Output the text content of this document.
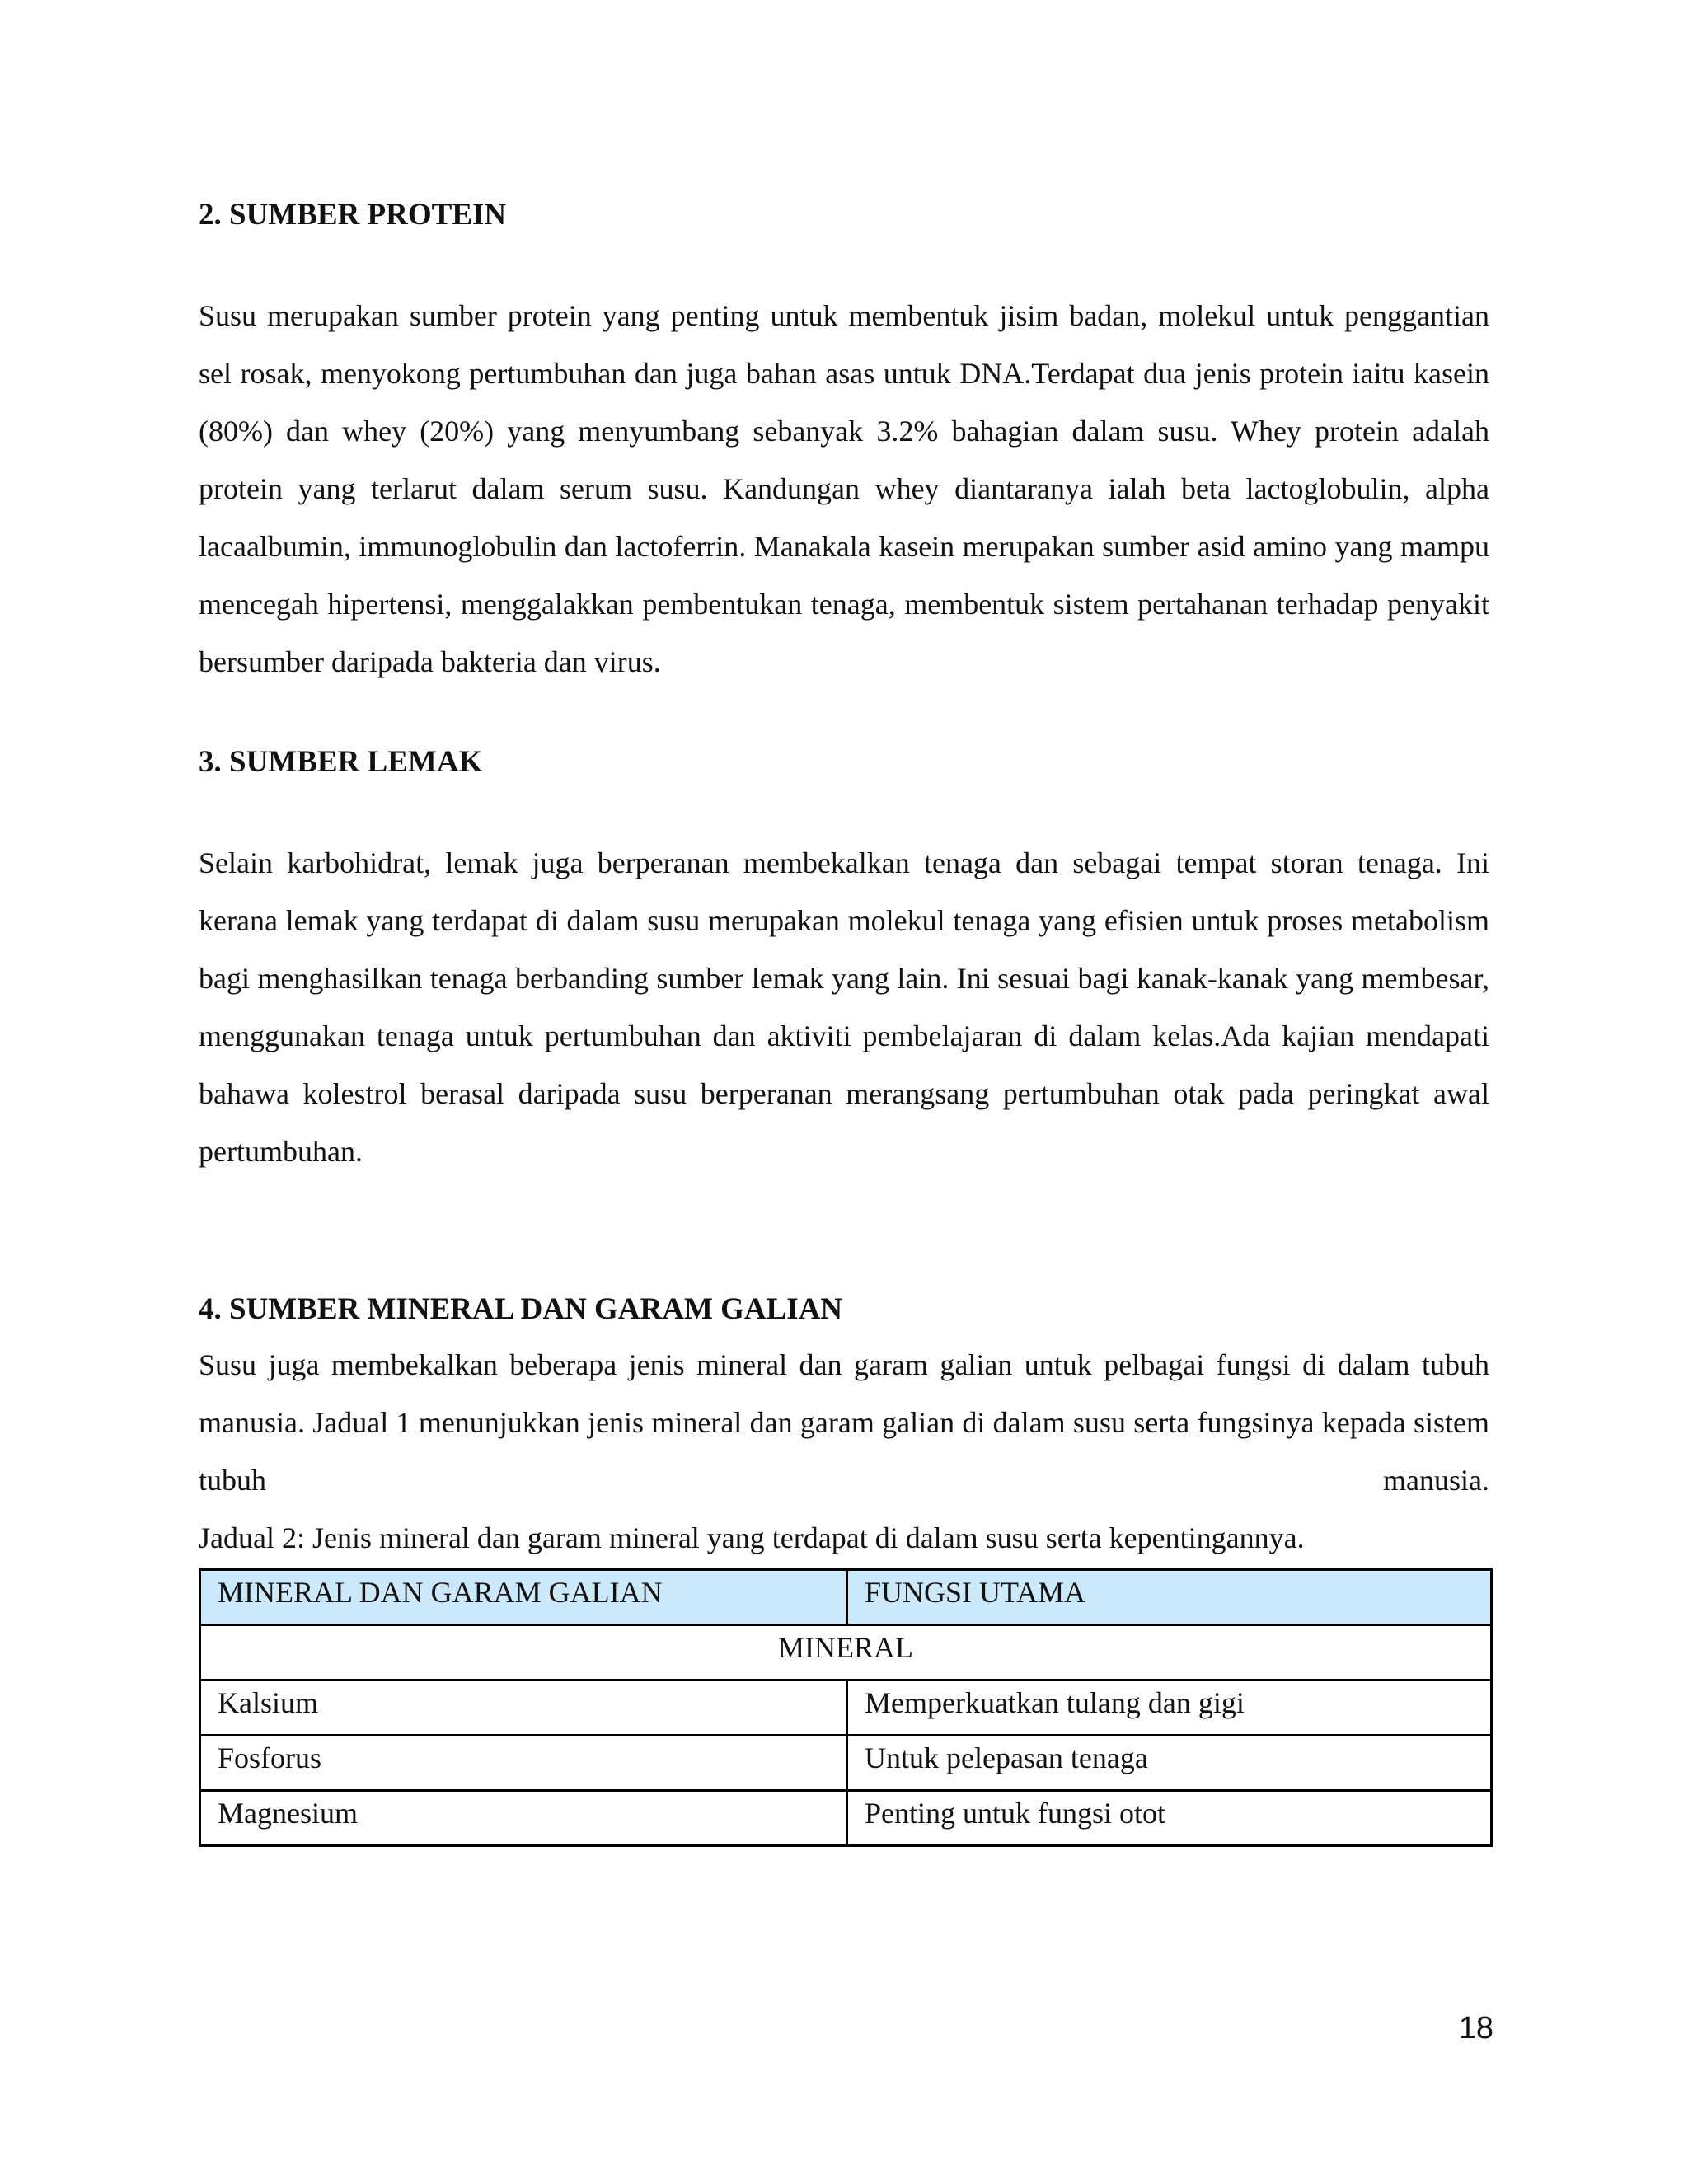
2. SUMBER PROTEIN

Susu merupakan sumber protein yang penting untuk membentuk jisim badan, molekul untuk penggantian sel rosak, menyokong pertumbuhan dan juga bahan asas untuk DNA.Terdapat dua jenis protein iaitu kasein (80%) dan whey (20%) yang menyumbang sebanyak 3.2% bahagian dalam susu. Whey protein adalah protein yang terlarut dalam serum susu. Kandungan whey diantaranya ialah beta lactoglobulin, alpha lacaalbumin, immunoglobulin dan lactoferrin. Manakala kasein merupakan sumber asid amino yang mampu mencegah hipertensi, menggalakkan pembentukan tenaga, membentuk sistem pertahanan terhadap penyakit bersumber daripada bakteria dan virus.

3. SUMBER LEMAK

Selain karbohidrat, lemak juga berperanan membekalkan tenaga dan sebagai tempat storan tenaga. Ini kerana lemak yang terdapat di dalam susu merupakan molekul tenaga yang efisien untuk proses metabolism bagi menghasilkan tenaga berbanding sumber lemak yang lain. Ini sesuai bagi kanak-kanak yang membesar, menggunakan tenaga untuk pertumbuhan dan aktiviti pembelajaran di dalam kelas.Ada kajian mendapati bahawa kolestrol berasal daripada susu berperanan merangsang pertumbuhan otak pada peringkat awal pertumbuhan.

4. SUMBER MINERAL DAN GARAM GALIAN

Susu juga membekalkan beberapa jenis mineral dan garam galian untuk pelbagai fungsi di dalam tubuh manusia. Jadual 1 menunjukkan jenis mineral dan garam galian di dalam susu serta fungsinya kepada sistem tubuh manusia.

Jadual 2: Jenis mineral dan garam mineral yang terdapat di dalam susu serta kepentingannya.

MINERAL DAN GARAM GALIAN	FUNGSI UTAMA
MINERAL	
Kalsium	Memperkuatkan tulang dan gigi
Fosforus	Untuk pelepasan tenaga
Magnesium	Penting untuk fungsi otot
18
